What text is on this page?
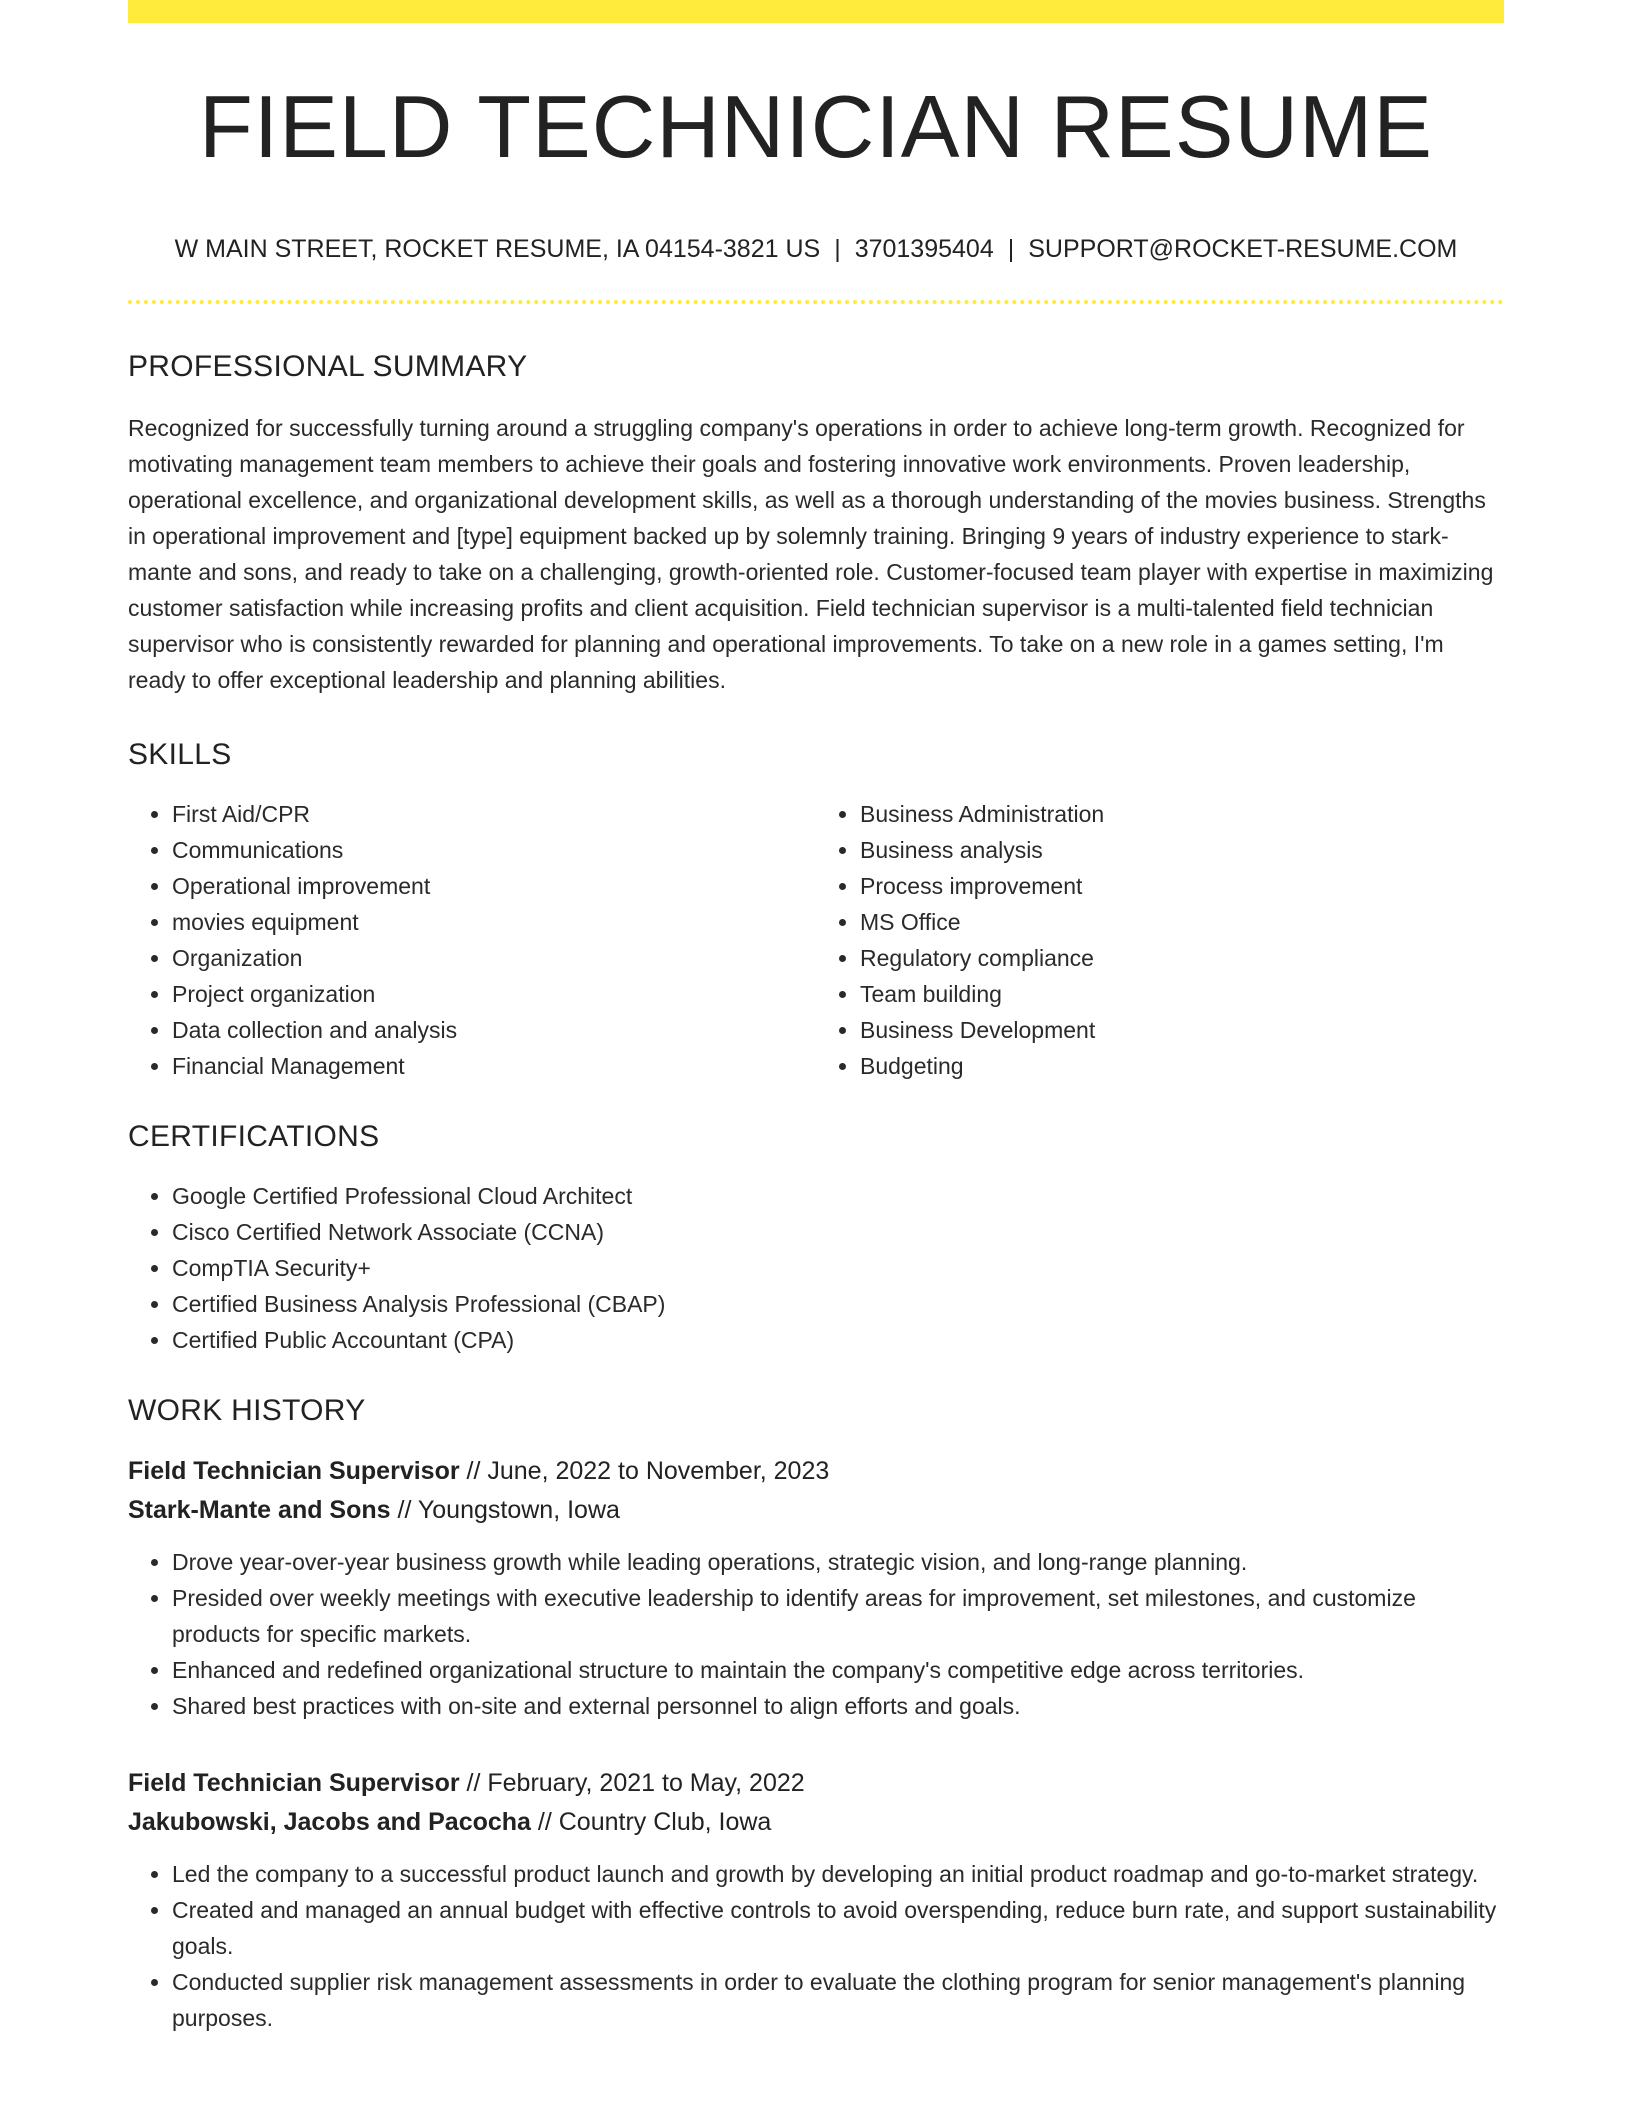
FIELD TECHNICIAN RESUME
W MAIN STREET, ROCKET RESUME, IA 04154-3821 US | 3701395404 | SUPPORT@ROCKET-RESUME.COM
PROFESSIONAL SUMMARY
Recognized for successfully turning around a struggling company's operations in order to achieve long-term growth. Recognized for motivating management team members to achieve their goals and fostering innovative work environments. Proven leadership, operational excellence, and organizational development skills, as well as a thorough understanding of the movies business. Strengths in operational improvement and [type] equipment backed up by solemnly training. Bringing 9 years of industry experience to stark-mante and sons, and ready to take on a challenging, growth-oriented role. Customer-focused team player with expertise in maximizing customer satisfaction while increasing profits and client acquisition. Field technician supervisor is a multi-talented field technician supervisor who is consistently rewarded for planning and operational improvements. To take on a new role in a games setting, I'm ready to offer exceptional leadership and planning abilities.
SKILLS
• First Aid/CPR
• Communications
• Operational improvement
• movies equipment
• Organization
• Project organization
• Data collection and analysis
• Financial Management
• Business Administration
• Business analysis
• Process improvement
• MS Office
• Regulatory compliance
• Team building
• Business Development
• Budgeting
CERTIFICATIONS
• Google Certified Professional Cloud Architect
• Cisco Certified Network Associate (CCNA)
• CompTIA Security+
• Certified Business Analysis Professional (CBAP)
• Certified Public Accountant (CPA)
WORK HISTORY
Field Technician Supervisor // June, 2022 to November, 2023
Stark-Mante and Sons // Youngstown, Iowa
• Drove year-over-year business growth while leading operations, strategic vision, and long-range planning.
• Presided over weekly meetings with executive leadership to identify areas for improvement, set milestones, and customize products for specific markets.
• Enhanced and redefined organizational structure to maintain the company's competitive edge across territories.
• Shared best practices with on-site and external personnel to align efforts and goals.
Field Technician Supervisor // February, 2021 to May, 2022
Jakubowski, Jacobs and Pacocha // Country Club, Iowa
• Led the company to a successful product launch and growth by developing an initial product roadmap and go-to-market strategy.
• Created and managed an annual budget with effective controls to avoid overspending, reduce burn rate, and support sustainability goals.
• Conducted supplier risk management assessments in order to evaluate the clothing program for senior management's planning purposes.
